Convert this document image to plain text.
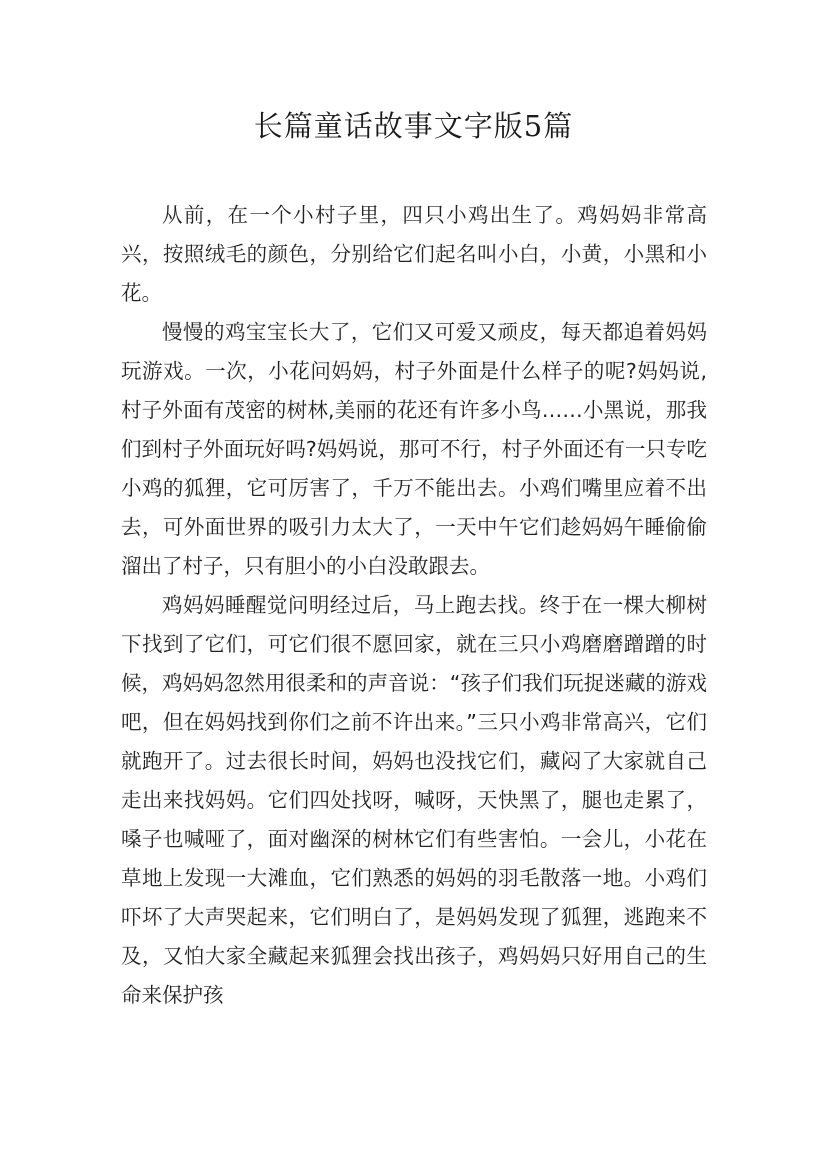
长篇童话故事文字版5篇

从前，在一个小村子里，四只小鸡出生了。鸡妈妈非常高兴，按照绒毛的颜色，分别给它们起名叫小白，小黄，小黑和小花。

慢慢的鸡宝宝长大了，它们又可爱又顽皮，每天都追着妈妈玩游戏。一次，小花问妈妈，村子外面是什么样子的呢?妈妈说,村子外面有茂密的树林,美丽的花还有许多小鸟……小黑说，那我们到村子外面玩好吗?妈妈说，那可不行，村子外面还有一只专吃小鸡的狐狸，它可厉害了，千万不能出去。小鸡们嘴里应着不出去，可外面世界的吸引力太大了，一天中午它们趁妈妈午睡偷偷溜出了村子，只有胆小的小白没敢跟去。

鸡妈妈睡醒觉问明经过后，马上跑去找。终于在一棵大柳树下找到了它们，可它们很不愿回家，就在三只小鸡磨磨蹭蹭的时候，鸡妈妈忽然用很柔和的声音说：“孩子们我们玩捉迷藏的游戏吧，但在妈妈找到你们之前不许出来。”三只小鸡非常高兴，它们就跑开了。过去很长时间，妈妈也没找它们，藏闷了大家就自己走出来找妈妈。它们四处找呀，喊呀，天快黑了，腿也走累了，嗓子也喊哑了，面对幽深的树林它们有些害怕。一会儿，小花在草地上发现一大滩血，它们熟悉的妈妈的羽毛散落一地。小鸡们吓坏了大声哭起来，它们明白了，是妈妈发现了狐狸，逃跑来不及，又怕大家全藏起来狐狸会找出孩子，鸡妈妈只好用自己的生命来保护孩
